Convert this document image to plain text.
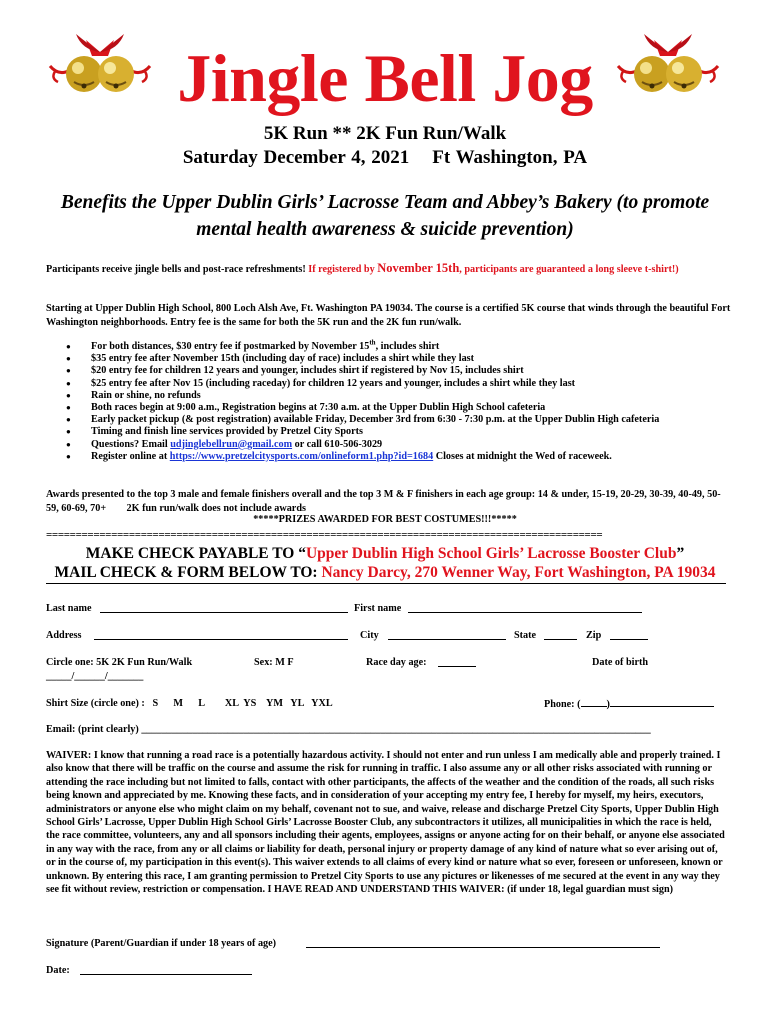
Jingle Bell Jog
5K Run ** 2K Fun Run/Walk
Saturday December 4, 2021 Ft Washington, PA
Benefits the Upper Dublin Girls’ Lacrosse Team and Abbey’s Bakery (to promote mental health awareness & suicide prevention)
Participants receive jingle bells and post-race refreshments! If registered by November 15th, participants are guaranteed a long sleeve t-shirt!)
Starting at Upper Dublin High School, 800 Loch Alsh Ave, Ft. Washington PA 19034. The course is a certified 5K course that winds through the beautiful Fort Washington neighborhoods. Entry fee is the same for both the 5K run and the 2K fun run/walk.
● For both distances, $30 entry fee if postmarked by November 15th, includes shirt
● $35 entry fee after November 15th (including day of race) includes a shirt while they last
● $20 entry fee for children 12 years and younger, includes shirt if registered by Nov 15, includes shirt
● $25 entry fee after Nov 15 (including raceday) for children 12 years and younger, includes a shirt while they last
● Rain or shine, no refunds
● Both races begin at 9:00 a.m., Registration begins at 7:30 a.m. at the Upper Dublin High School cafeteria
● Early packet pickup (& post registration) available Friday, December 3rd from 6:30 - 7:30 p.m. at the Upper Dublin High cafeteria
● Timing and finish line services provided by Pretzel City Sports
● Questions? Email udjinglebellrun@gmail.com or call 610-506-3029
● Register online at https://www.pretzelcitysports.com/onlineform1.php?id=1684 Closes at midnight the Wed of raceweek.
Awards presented to the top 3 male and female finishers overall and the top 3 M & F finishers in each age group: 14 & under, 15-19, 20-29, 30-39, 40-49, 50-59, 60-69, 70+        2K fun run/walk does not include awards
*****PRIZES AWARDED FOR BEST COSTUMES!!!*****
==============================================================================================
MAKE CHECK PAYABLE TO “Upper Dublin High School Girls’ Lacrosse Booster Club”
MAIL CHECK & FORM BELOW TO: Nancy Darcy, 270 Wenner Way, Fort Washington, PA 19034
Last name	First name
Address	City	State	Zip
Circle one: 5K 2K Fun Run/Walk	Sex: M F	Race day age:	Date of birth
_____/______/_______
Shirt Size (circle one) :   S      M      L        XL  YS    YM   YL   YXL	Phone: (	)
Email: (print clearly) ____________________________________________________________________________________________________
WAIVER: I know that running a road race is a potentially hazardous activity. I should not enter and run unless I am medically able and properly trained. I also know that there will be traffic on the course and assume the risk for running in traffic. I also assume any or all other risks associated with running or attending the race including but not limited to falls, contact with other participants, the affects of the weather and the condition of the roads, all such risks being known and appreciated by me. Knowing these facts, and in consideration of your accepting my entry fee, I hereby for myself, my heirs, executors, administrators or anyone else who might claim on my behalf, covenant not to sue, and waive, release and discharge Pretzel City Sports, Upper Dublin High School Girls’ Lacrosse, Upper Dublin High School Girls’ Lacrosse Booster Club, any subcontractors it utilizes, all municipalities in which the race is held, the race committee, volunteers, any and all sponsors including their agents, employees, assigns or anyone acting for on their behalf, or anyone else associated in any way with the race, from any or all claims or liability for death, personal injury or property damage of any kind of nature what so ever arising out of, or in the course of, my participation in this event(s). This waiver extends to all claims of every kind or nature what so ever, foreseen or unforeseen, known or unknown. By entering this race, I am granting permission to Pretzel City Sports to use any pictures or likenesses of me secured at the event in any way they see fit without review, restriction or compensation. I HAVE READ AND UNDERSTAND THIS WAIVER: (if under 18, legal guardian must sign)
Signature (Parent/Guardian if under 18 years of age)
Date:
